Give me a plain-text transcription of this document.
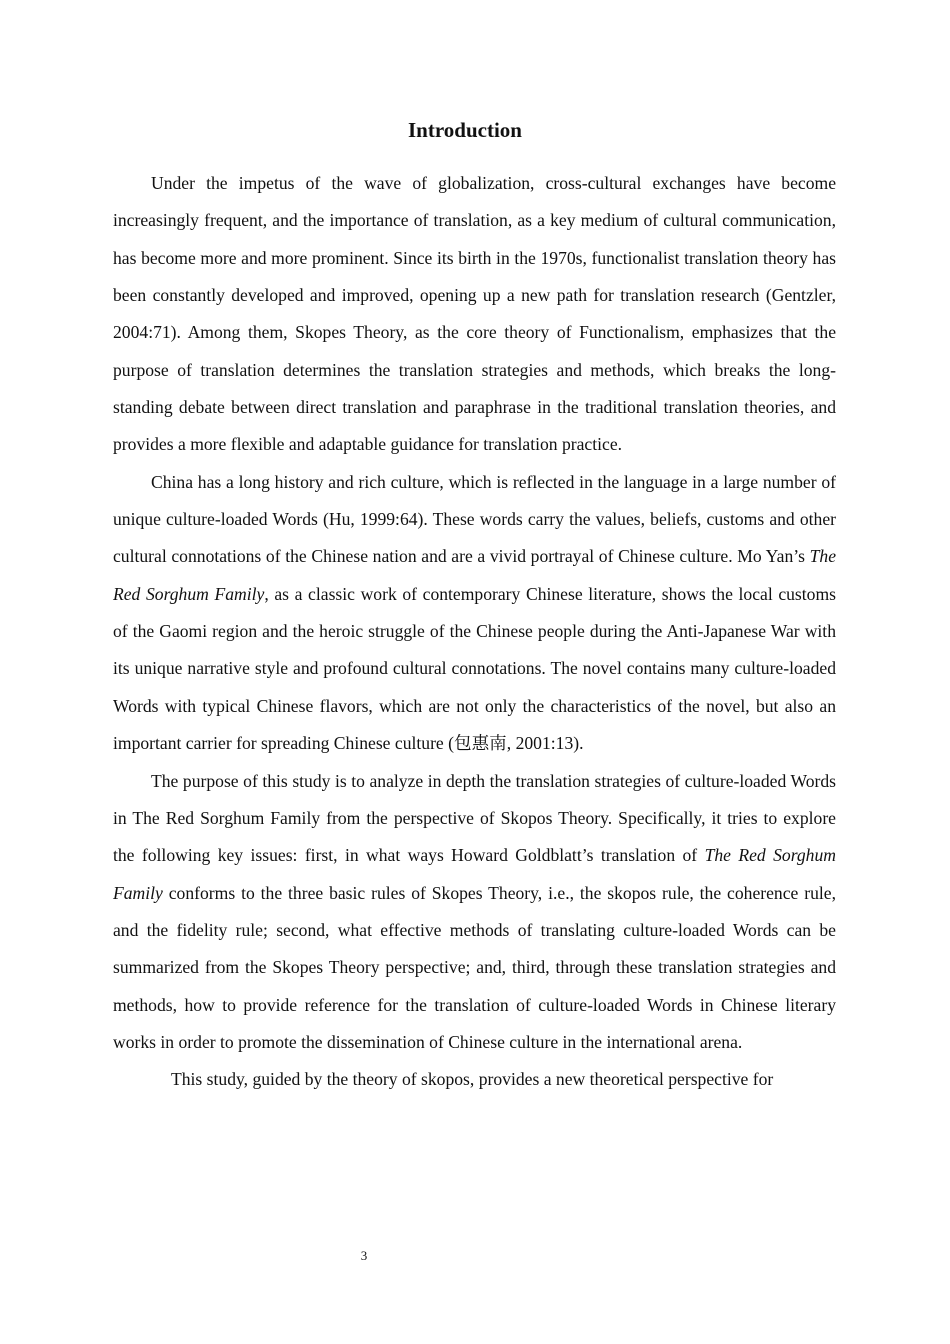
Introduction

Under the impetus of the wave of globalization, cross-cultural exchanges have become increasingly frequent, and the importance of translation, as a key medium of cultural communication, has become more and more prominent. Since its birth in the 1970s, functionalist translation theory has been constantly developed and improved, opening up a new path for translation research (Gentzler, 2004:71). Among them, Skopes Theory, as the core theory of Functionalism, emphasizes that the purpose of translation determines the translation strategies and methods, which breaks the long-standing debate between direct translation and paraphrase in the traditional translation theories, and provides a more flexible and adaptable guidance for translation practice.

China has a long history and rich culture, which is reflected in the language in a large number of unique culture-loaded Words (Hu, 1999:64). These words carry the values, beliefs, customs and other cultural connotations of the Chinese nation and are a vivid portrayal of Chinese culture. Mo Yan’s The Red Sorghum Family, as a classic work of contemporary Chinese literature, shows the local customs of the Gaomi region and the heroic struggle of the Chinese people during the Anti-Japanese War with its unique narrative style and profound cultural connotations. The novel contains many culture-loaded Words with typical Chinese flavors, which are not only the characteristics of the novel, but also an important carrier for spreading Chinese culture (包惠南, 2001:13).

The purpose of this study is to analyze in depth the translation strategies of culture-loaded Words in The Red Sorghum Family from the perspective of Skopos Theory. Specifically, it tries to explore the following key issues: first, in what ways Howard Goldblatt’s translation of The Red Sorghum Family conforms to the three basic rules of Skopes Theory, i.e., the skopos rule, the coherence rule, and the fidelity rule; second, what effective methods of translating culture-loaded Words can be summarized from the Skopes Theory perspective; and, third, through these translation strategies and methods, how to provide reference for the translation of culture-loaded Words in Chinese literary works in order to promote the dissemination of Chinese culture in the international arena.

This study, guided by the theory of skopos, provides a new theoretical perspective for

3
